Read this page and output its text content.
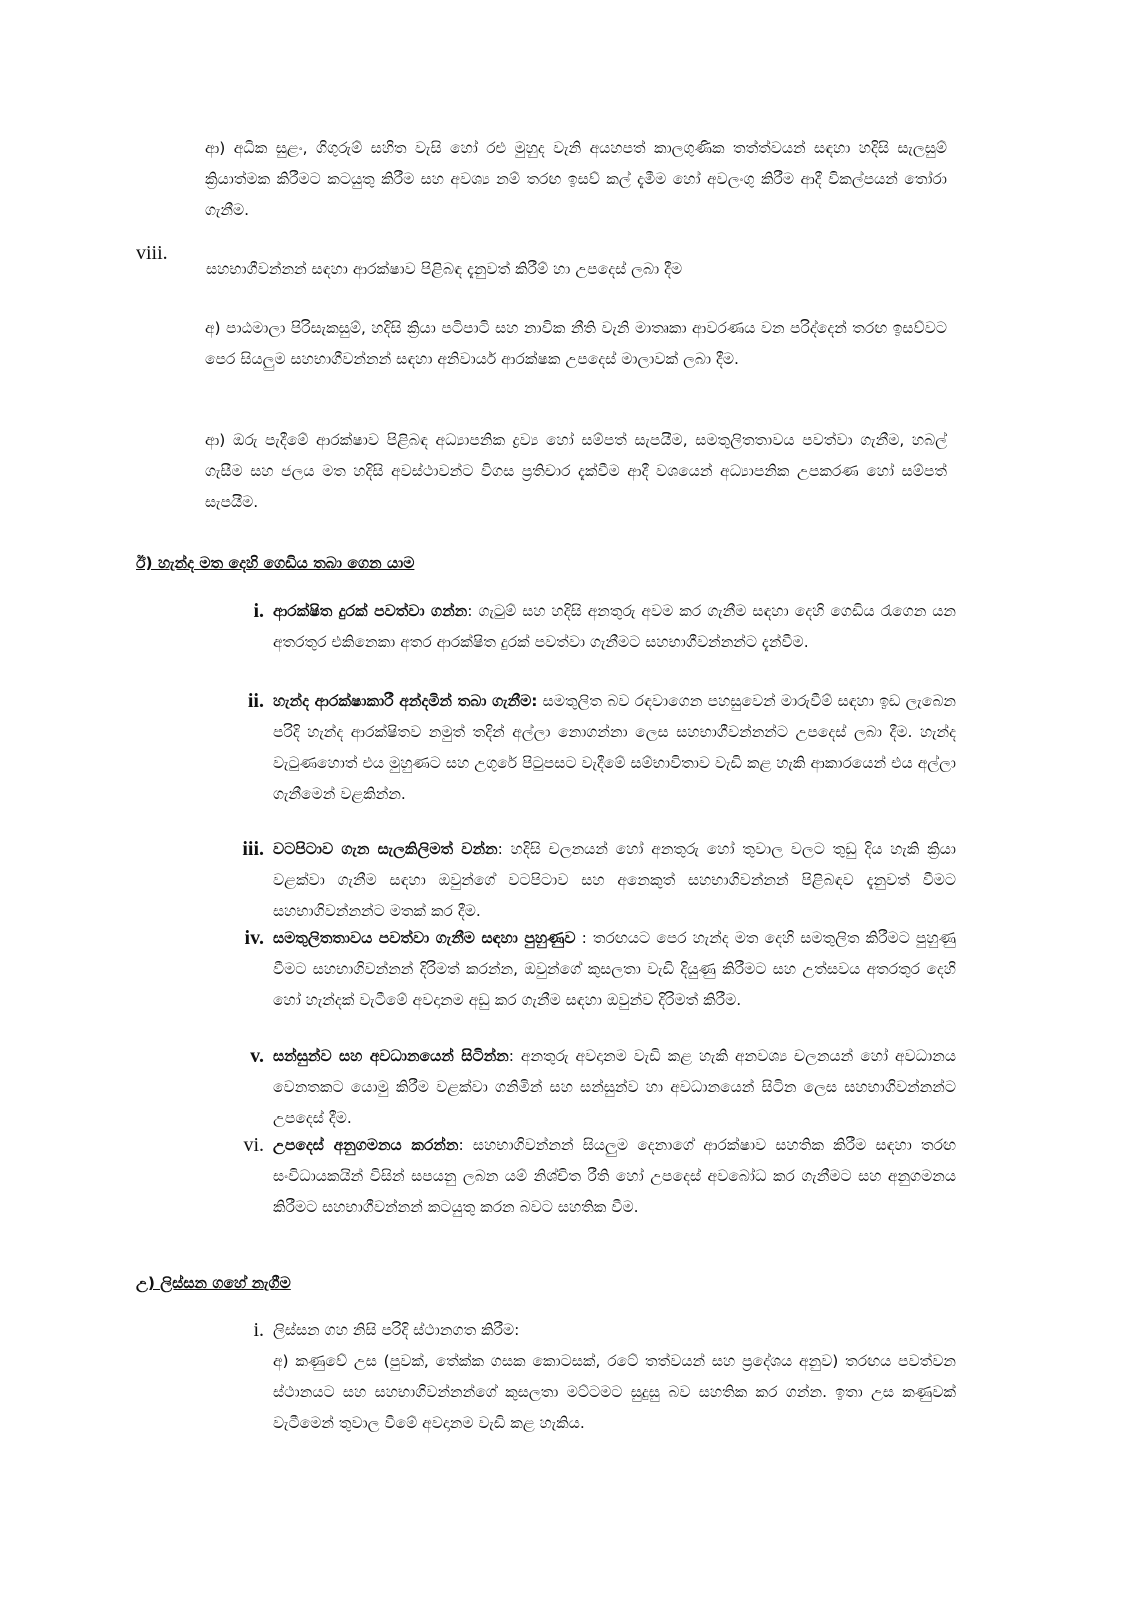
ආ) අධික සුළං, ගිගුරුම් සහිත වැසි හෝ රළු මුහුද වැනි අයහපත් කාලගුණික තත්ත්වයන් සඳහා හදිසි සැලසුම් ක්‍රියාත්මක කිරීමට කටයුතු කිරීම සහ අවශ්‍ය නම් තරඟ ඉසව් කල් දැමීම හෝ අවලංගු කිරීම ආදී විකල්පයන් තෝරා ගැනීම.
viii.
සහභාගීවන්නන් සඳහා ආරක්ෂාව පිළිබඳ දැනුවත් කිරීම් හා උපදෙස් ලබා දීම
අ) පාඨමාලා පිරිසැකසුම්, හදිසි ක්‍රියා පටිපාටි සහ නාවික නීති වැනි මාතෘකා ආවරණය වන පරිද්දෙන් තරඟ ඉසව්වට පෙර සියලුම සහභාගීවන්නන් සඳහා අනිවාර්ය ආරක්ෂක උපදෙස් මාලාවක් ලබා දීම.
ආ) ඔරු පැදීමේ ආරක්ෂාව පිළිබඳ අධ්‍යාපනික ද්‍රව්‍ය හෝ සම්පත් සැපයීම, සමතුලිතතාවය පවත්වා ගැනීම, හබල් ගැසීම සහ ජලය මත හදිසි අවස්ථාවන්ට විගස ප්‍රතිචාර දැක්වීම ආදී වශයෙන් අධ්‍යාපනික උපකරණ හෝ සම්පත් සැපයීම.
ඊ) හැන්ද මත දෙහි ගෙඩිය තබා ගෙන යාම
i. ආරක්ෂිත දුරක් පවත්වා ගන්න: ගැටුම් සහ හදිසි අනතුරු අවම කර ගැනීම සඳහා දෙහි ගෙඩිය රැගෙන යන අතරතුර එකිනෙකා අතර ආරක්ෂිත දුරක් පවත්වා ගැනීමට සහභාගීවන්නන්ට දැන්වීම.
ii. හැන්ද ආරක්ෂාකාරී අන්දමින් තබා ගැනීම: සමතුලිත බව රඳවාගෙන පහසුවෙන් මාරුවීම් සඳහා ඉඩ ලැබෙන පරිදි හැන්ද ආරක්ෂිතව නමුත් තදින් අල්ලා නොගන්නා ලෙස සහභාගීවන්නන්ට උපදෙස් ලබා දීම. හැන්ද වැටුණහොත් එය මුහුණට සහ උගුරේ පිටුපසට වැදීමේ සම්භාවිතාව වැඩි කළ හැකි ආකාරයෙන් එය අල්ලා ගැනීමෙන් වළකින්න.
iii. වටපිටාව ගැන සැලකිලිමත් වන්න: හදිසි චලනයන් හෝ අනතුරු හෝ තුවාල වලට තුඩු දිය හැකි ක්‍රියා වළක්වා ගැනීම සඳහා ඔවුන්ගේ වටපිටාව සහ අනෙකුත් සහභාගිවන්නන් පිළිබඳව දැනුවත් වීමට සහභාගිවන්නන්ට මතක් කර දීම.
iv. සමතුලිතතාවය පවත්වා ගැනීම සඳහා පුහුණුව : තරඟයට පෙර හැන්ද මත දෙහි සමතුලිත කිරීමට පුහුණු වීමට සහභාගිවන්නන් දිරිමත් කරන්න, ඔවුන්ගේ කුසලතා වැඩි දියුණු කිරීමට සහ උත්සවය අතරතුර දෙහි හෝ හැන්දක් වැටීමේ අවදානම අඩු කර ගැනීම සඳහා ඔවුන්ව දිරිමත් කිරීම.
v. සන්සුන්ව සහ අවධානයෙන් සිටින්න: අනතුරු අවදානම වැඩි කළ හැකි අනවශ්‍ය චලනයන් හෝ අවධානය වෙනතකට යොමු කිරීම වළක්වා ගනිමින් සහ සන්සුන්ව හා අවධානයෙන් සිටින ලෙස සහභාගිවන්නන්ට උපදෙස් දීම.
vi. උපදෙස් අනුගමනය කරන්න: සහභාගිවන්නන් සියලුම දෙනාගේ ආරක්ෂාව සහතික කිරීම සඳහා තරඟ සංවිධායකයින් විසින් සපයනු ලබන යම් නිශ්චිත රීති හෝ උපදෙස් අවබෝධ කර ගැනීමට සහ අනුගමනය කිරීමට සහභාගීවන්නන් කටයුතු කරන බවට සහතික වීම.
උ) ලිස්සන ගහේ නැගීම
i. ලිස්සන ගහ නිසි පරිදි ස්ථානගත කිරීම:
අ) කණුවේ උස (පුවක්, තේක්ක ගසක කොටසක්, රටේ තත්වයන් සහ ප්‍රදේශය අනුව) තරඟය පවත්වන ස්ථානයට සහ සහභාගිවන්නන්ගේ කුසලතා මට්ටමට සුදුසු බව සහතික කර ගන්න. ඉතා උස කණුවක් වැටීමෙන් තුවාල වීමේ අවදානම වැඩි කළ හැකිය.
